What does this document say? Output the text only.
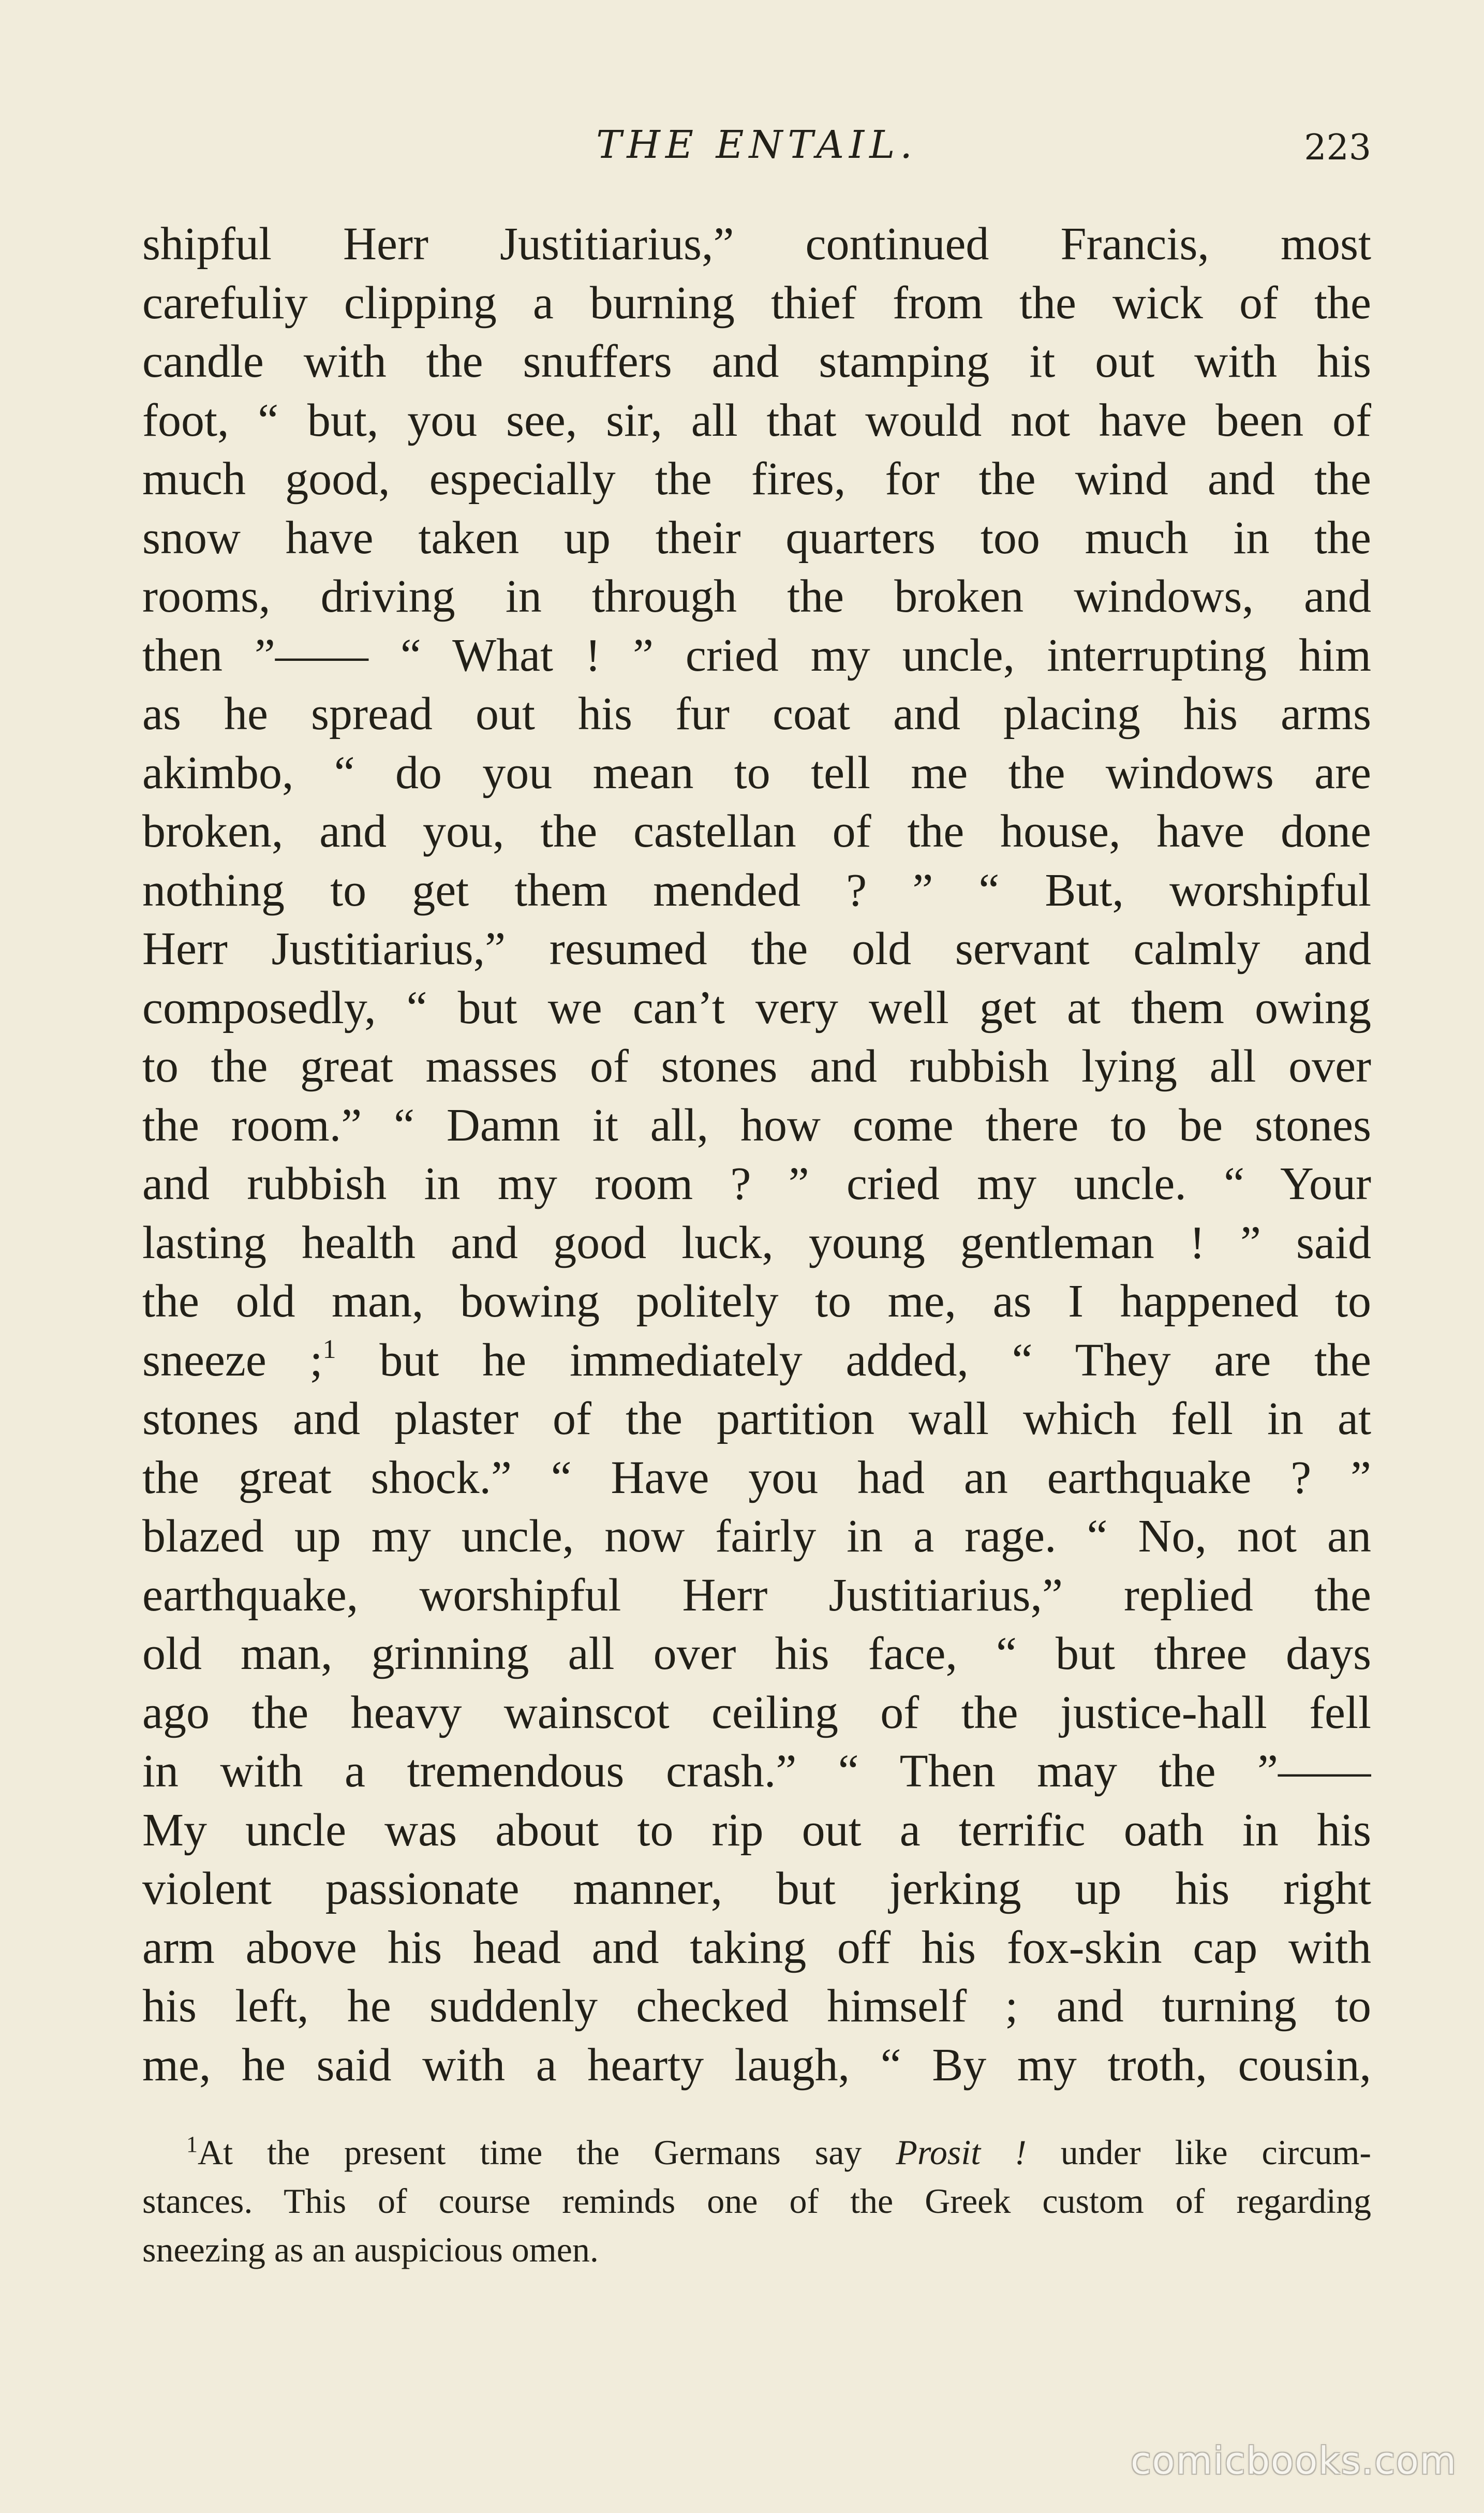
THE ENTAIL.	223
shipful Herr Justitiarius,” continued Francis, most
carefuliy clipping a burning thief from the wick of the
candle with the snuffers and stamping it out with his
foot, “ but, you see, sir, all that would not have been of
much good, especially the fires, for the wind and the
snow have taken up their quarters too much in the
rooms, driving in through the broken windows, and
then ”—— “ What ! ” cried my uncle, interrupting him
as he spread out his fur coat and placing his arms
akimbo, “ do you mean to tell me the windows are
broken, and you, the castellan of the house, have done
nothing to get them mended ? ” “ But, worshipful
Herr Justitiarius,” resumed the old servant calmly and
composedly, “ but we can’t very well get at them owing
to the great masses of stones and rubbish lying all over
the room.” “ Damn it all, how come there to be stones
and rubbish in my room ? ” cried my uncle. “ Your
lasting health and good luck, young gentleman ! ” said
the old man, bowing politely to me, as I happened to
sneeze ;$^1$ but he immediately added, “ They are the
stones and plaster of the partition wall which fell in at
the great shock.” “ Have you had an earthquake ? ”
blazed up my uncle, now fairly in a rage. “ No, not an
earthquake, worshipful Herr Justitiarius,” replied the
old man, grinning all over his face, “ but three days
ago the heavy wainscot ceiling of the justice-hall fell
in with a tremendous crash.” “ Then may the ”——
My uncle was about to rip out a terrific oath in his
violent passionate manner, but jerking up his right
arm above his head and taking off his fox-skin cap with
his left, he suddenly checked himself ; and turning to
me, he said with a hearty laugh, “ By my troth, cousin,
$^1$At the present time the Germans say Prosit ! under like circum-
stances. This of course reminds one of the Greek custom of regarding
sneezing as an auspicious omen.
comicbooks.com
